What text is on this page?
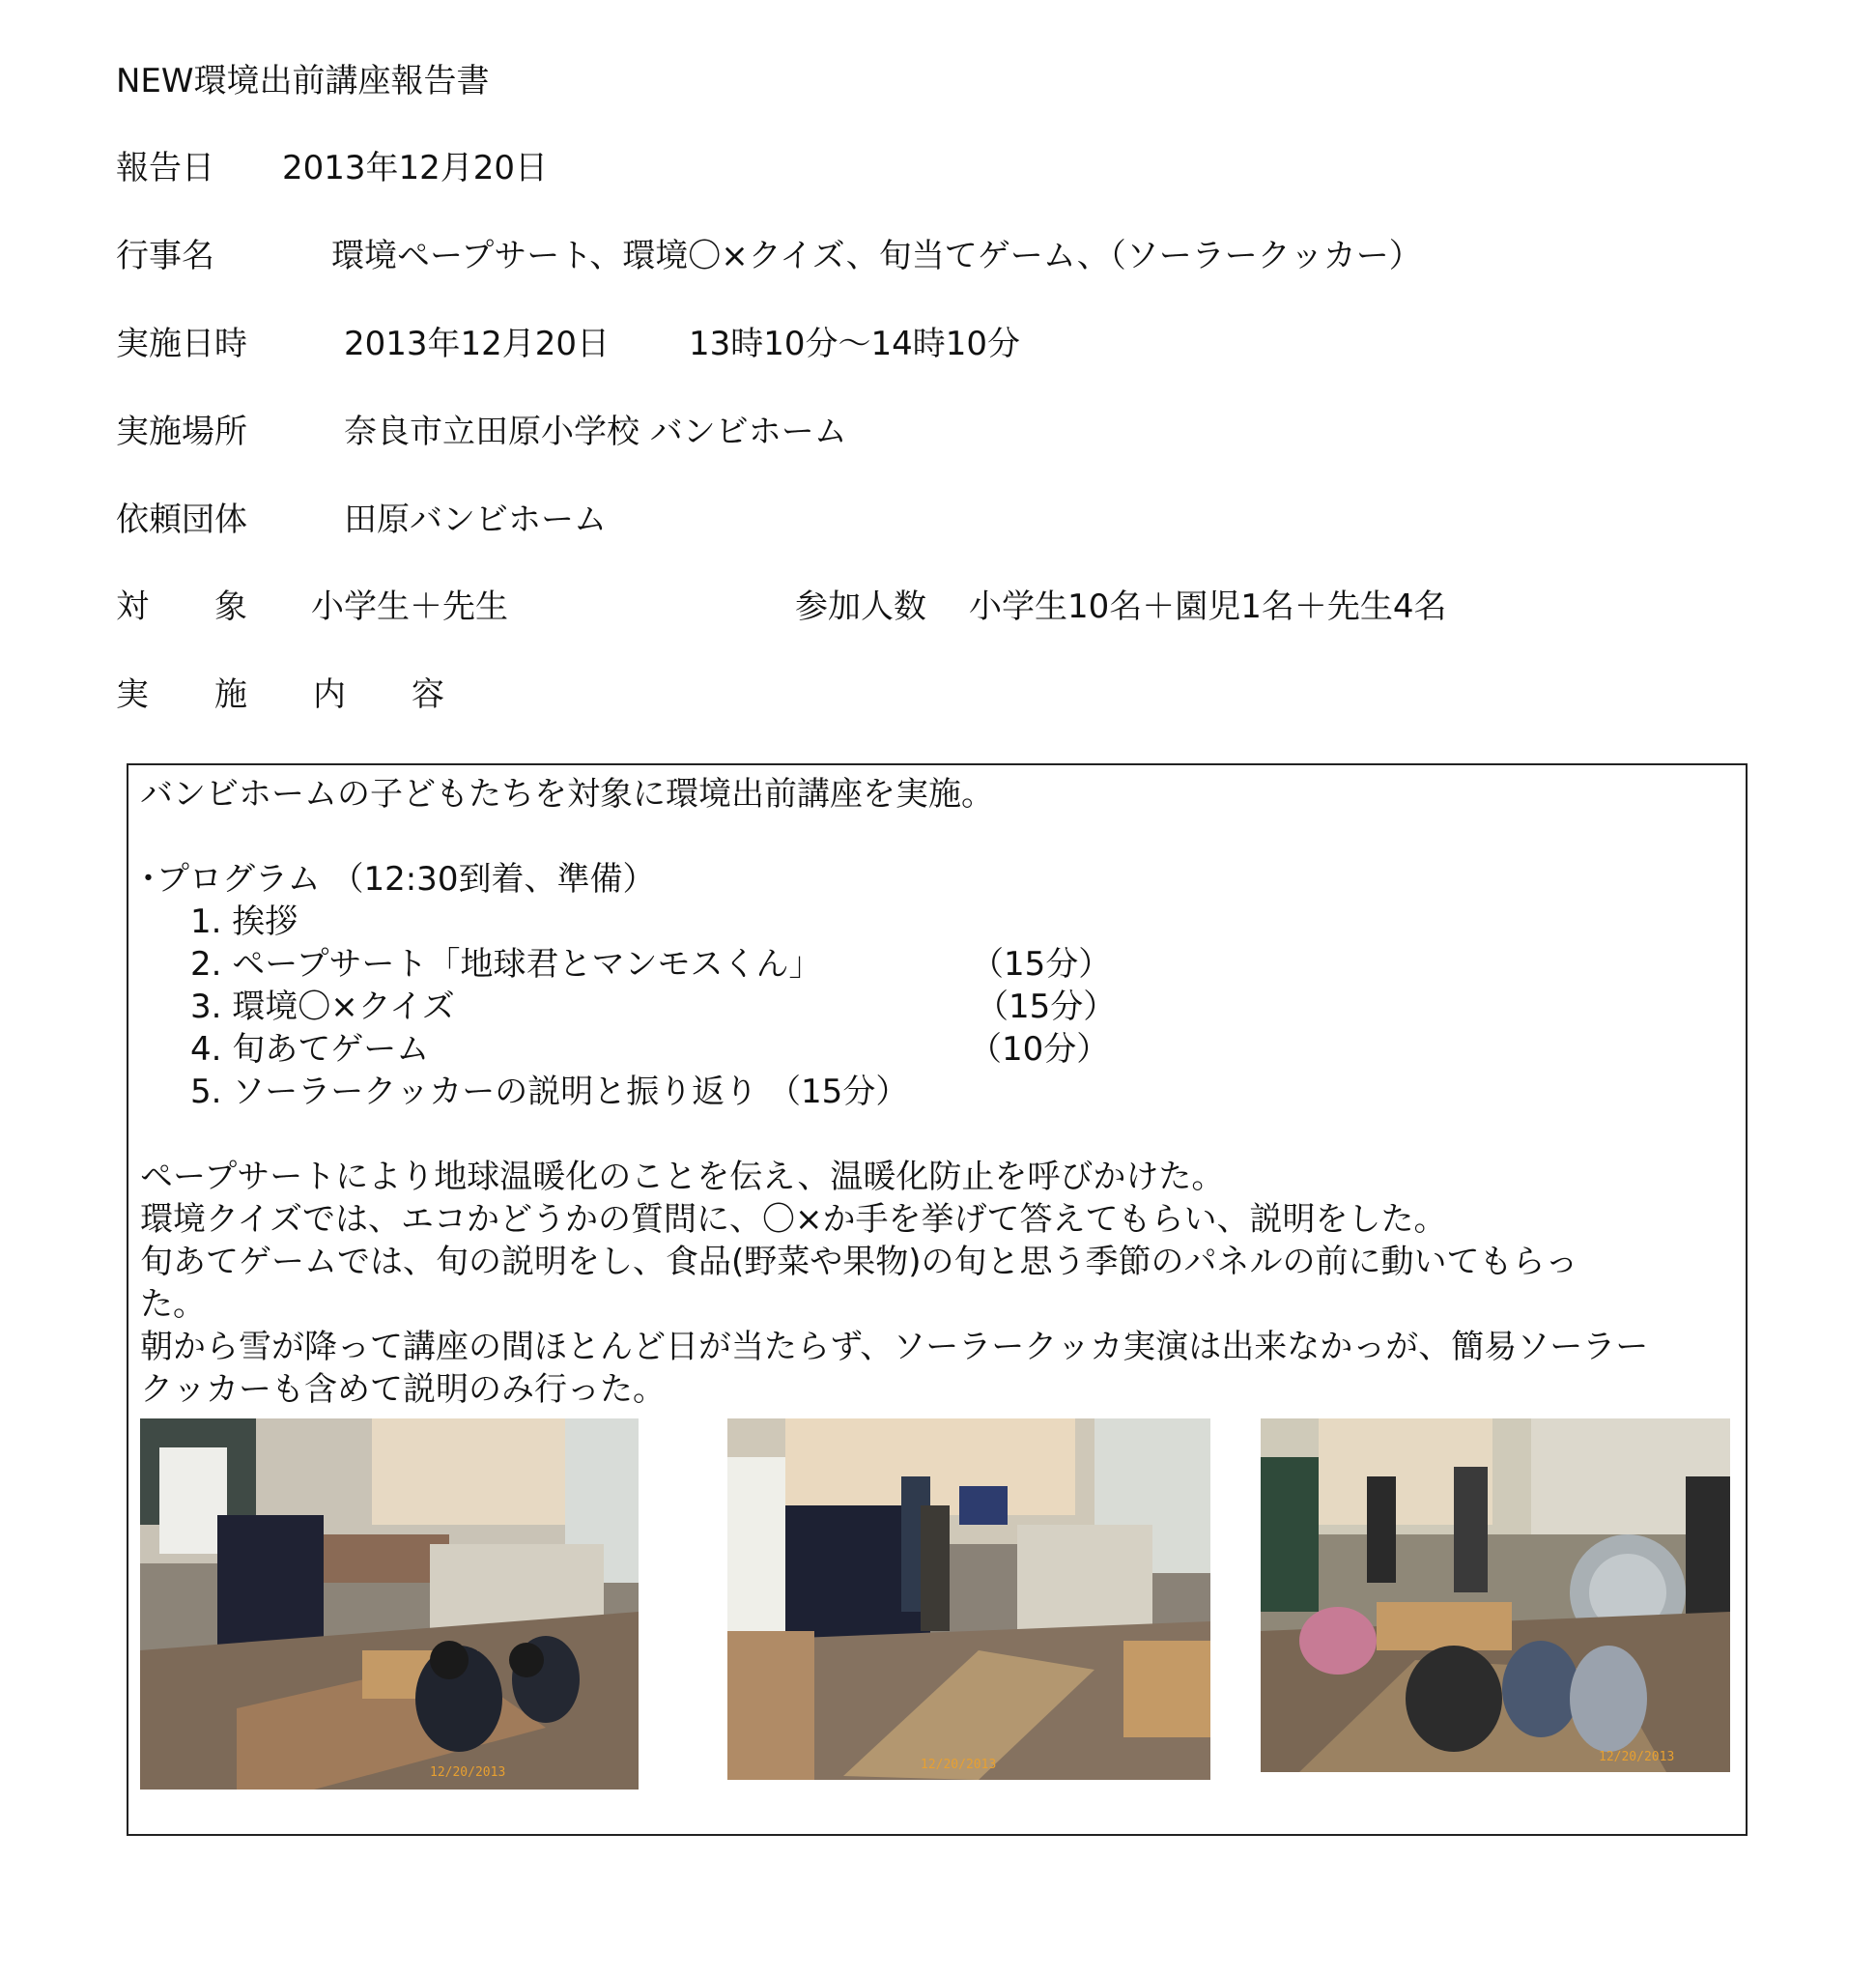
NEW環境出前講座報告書
報告日 2013年12月20日
行事名	環境ペープサート、環境〇×クイズ、旬当てゲーム、（ソーラークッカー）
実施日時	2013年12月20日 13時10分～14時10分
実施場所	奈良市立田原小学校 バンビホーム
依頼団体	田原バンビホーム
対　　象 小学生＋先生	参加人数 小学生10名＋園児1名＋先生4名
実　　施　　内　　容
バンビホームの子どもたちを対象に環境出前講座を実施。
･プログラム （12:30到着、準備）
1. 挨拶
2. ペープサート「地球君とマンモスくん」	（15分）
3. 環境〇×クイズ	（15分）
4. 旬あてゲーム	（10分）
5. ソーラークッカーの説明と振り返り （15分）
ペープサートにより地球温暖化のことを伝え、温暖化防止を呼びかけた。
環境クイズでは、エコかどうかの質問に、〇×か手を挙げて答えてもらい、説明をした。
旬あてゲームでは、旬の説明をし、食品(野菜や果物)の旬と思う季節のパネルの前に動いてもらっ
た。
朝から雪が降って講座の間ほとんど日が当たらず、ソーラークッカ実演は出来なかっが、簡易ソーラー
クッカーも含めて説明のみ行った。
12/20/2013
12/20/2013
12/20/2013
